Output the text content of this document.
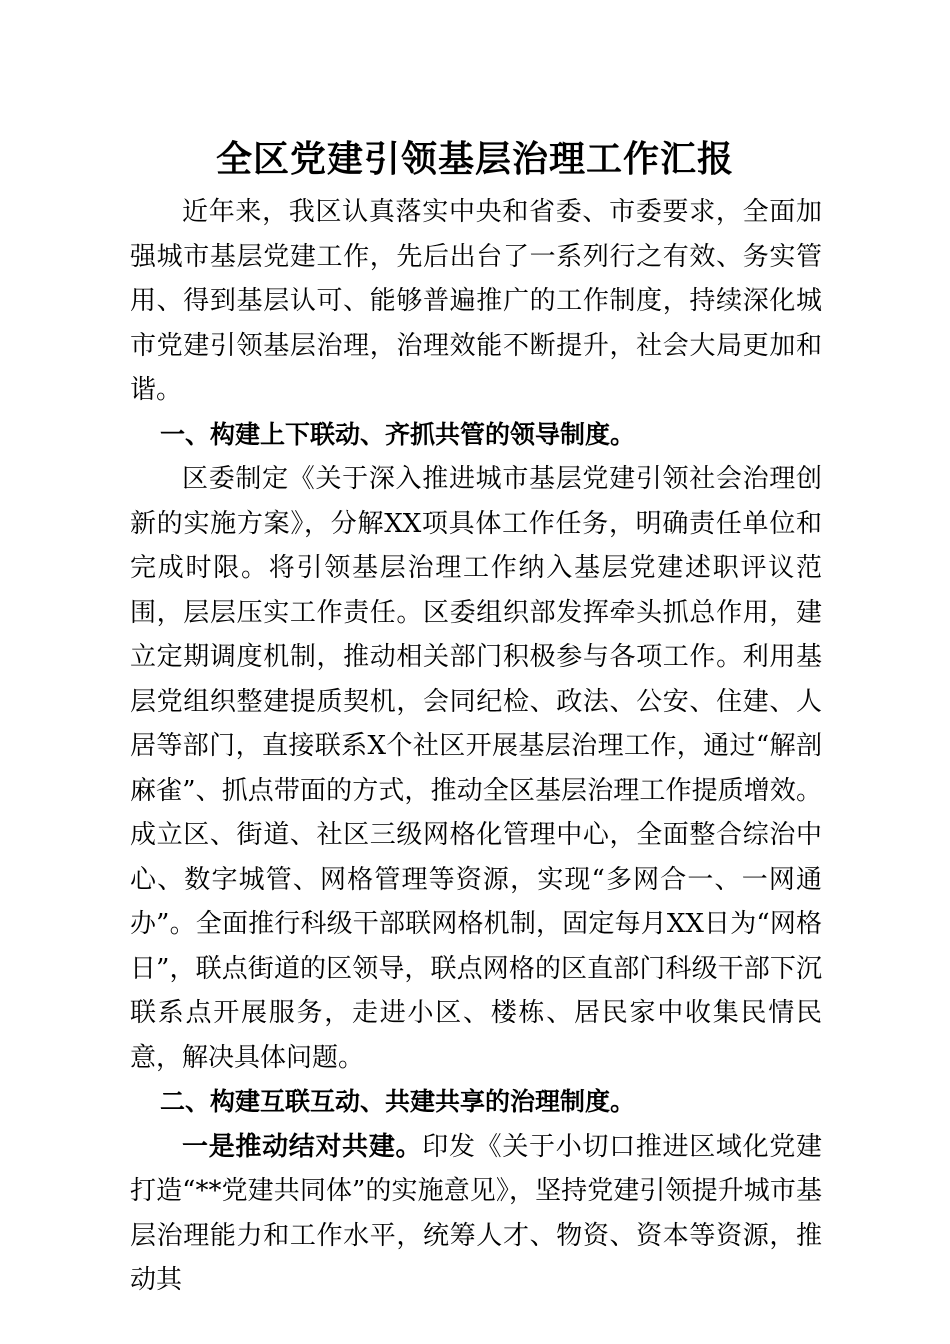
全区党建引领基层治理工作汇报

近年来，我区认真落实中央和省委、市委要求，全面加强城市基层党建工作，先后出台了一系列行之有效、务实管用、得到基层认可、能够普遍推广的工作制度，持续深化城市党建引领基层治理，治理效能不断提升，社会大局更加和谐。

一、构建上下联动、齐抓共管的领导制度。

区委制定《关于深入推进城市基层党建引领社会治理创新的实施方案》，分解XX项具体工作任务，明确责任单位和完成时限。将引领基层治理工作纳入基层党建述职评议范围，层层压实工作责任。区委组织部发挥牵头抓总作用，建立定期调度机制，推动相关部门积极参与各项工作。利用基层党组织整建提质契机，会同纪检、政法、公安、住建、人居等部门，直接联系X个社区开展基层治理工作，通过“解剖麻雀”、抓点带面的方式，推动全区基层治理工作提质增效。成立区、街道、社区三级网格化管理中心，全面整合综治中心、数字城管、网格管理等资源，实现“多网合一、一网通办”。全面推行科级干部联网格机制，固定每月XX日为“网格日”，联点街道的区领导，联点网格的区直部门科级干部下沉联系点开展服务，走进小区、楼栋、居民家中收集民情民意，解决具体问题。

二、构建互联互动、共建共享的治理制度。

一是推动结对共建。印发《关于小切口推进区域化党建打造“**党建共同体”的实施意见》，坚持党建引领提升城市基层治理能力和工作水平，统筹人才、物资、资本等资源，推动其
